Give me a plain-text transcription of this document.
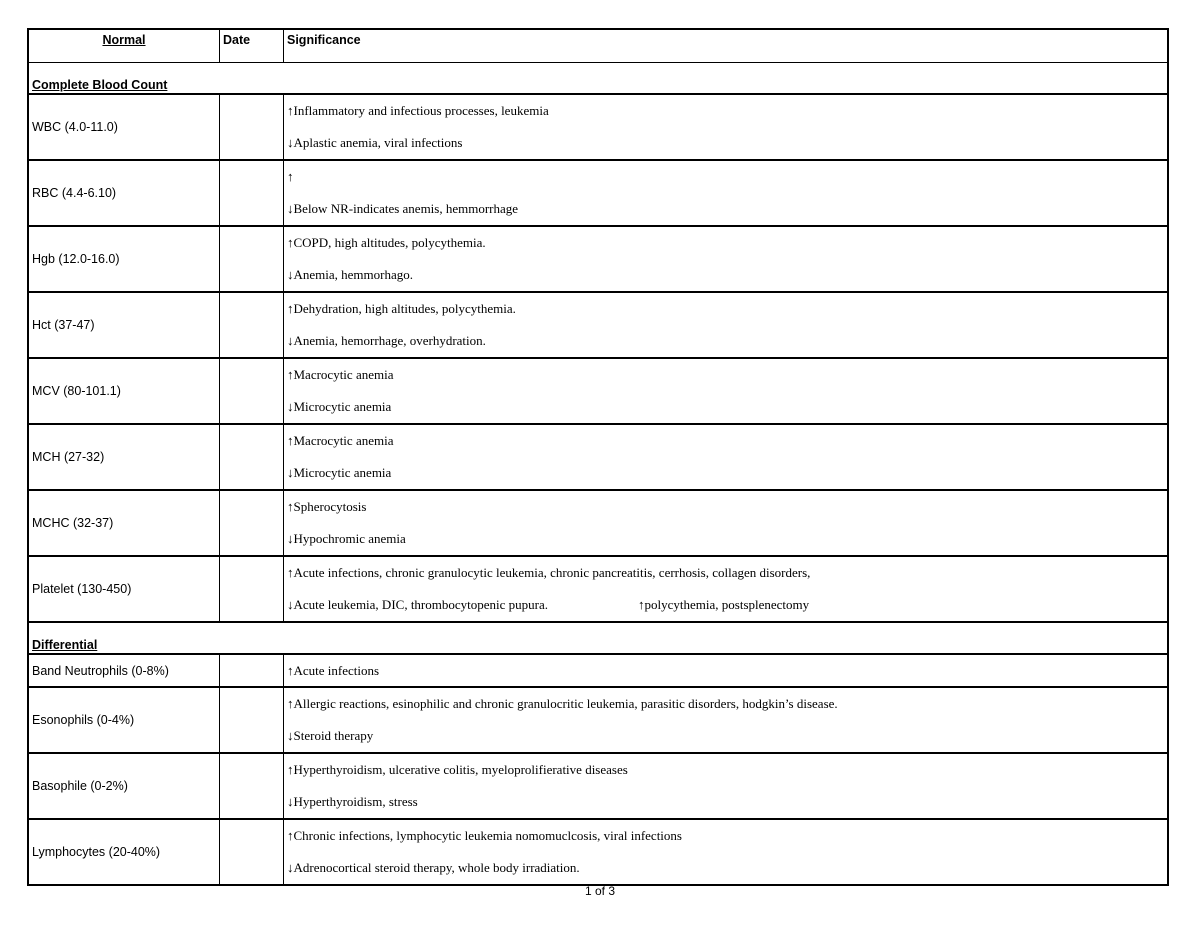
Normal	Date	Significance
Complete Blood Count		
WBC (4.0-11.0)		↑Inflammatory and infectious processes, leukemia
↓Aplastic anemia, viral infections

RBC (4.4-6.10)		↑
↓Below NR-indicates anemis, hemmorrhage

Hgb (12.0-16.0)		↑COPD, high altitudes, polycythemia.
↓Anemia, hemmorhago.

Hct (37-47)		↑Dehydration, high altitudes, polycythemia.
↓Anemia, hemorrhage, overhydration.

MCV (80-101.1)		↑Macrocytic anemia
↓Microcytic anemia

MCH (27-32)		↑Macrocytic anemia
↓Microcytic anemia

MCHC (32-37)		↑Spherocytosis
↓Hypochromic anemia

Platelet (130-450)		↑Acute infections, chronic granulocytic leukemia, chronic pancreatitis, cerrhosis, collagen disorders,
↓Acute leukemia, DIC, thrombocytopenic pupura. ↑polycythemia, postsplenectomy

Differential		
Band Neutrophils (0-8%)		↑Acute infections

Esonophils (0-4%)		↑Allergic reactions, esinophilic and chronic granulocritic leukemia, parasitic disorders, hodgkin’s disease.
↓Steroid therapy

Basophile (0-2%)		↑Hyperthyroidism, ulcerative colitis, myeloprolifierative diseases
↓Hyperthyroidism, stress

Lymphocytes (20-40%)		↑Chronic infections, lymphocytic leukemia nomomuclcosis, viral infections
↓Adrenocortical steroid therapy, whole body irradiation.
1 of 3
